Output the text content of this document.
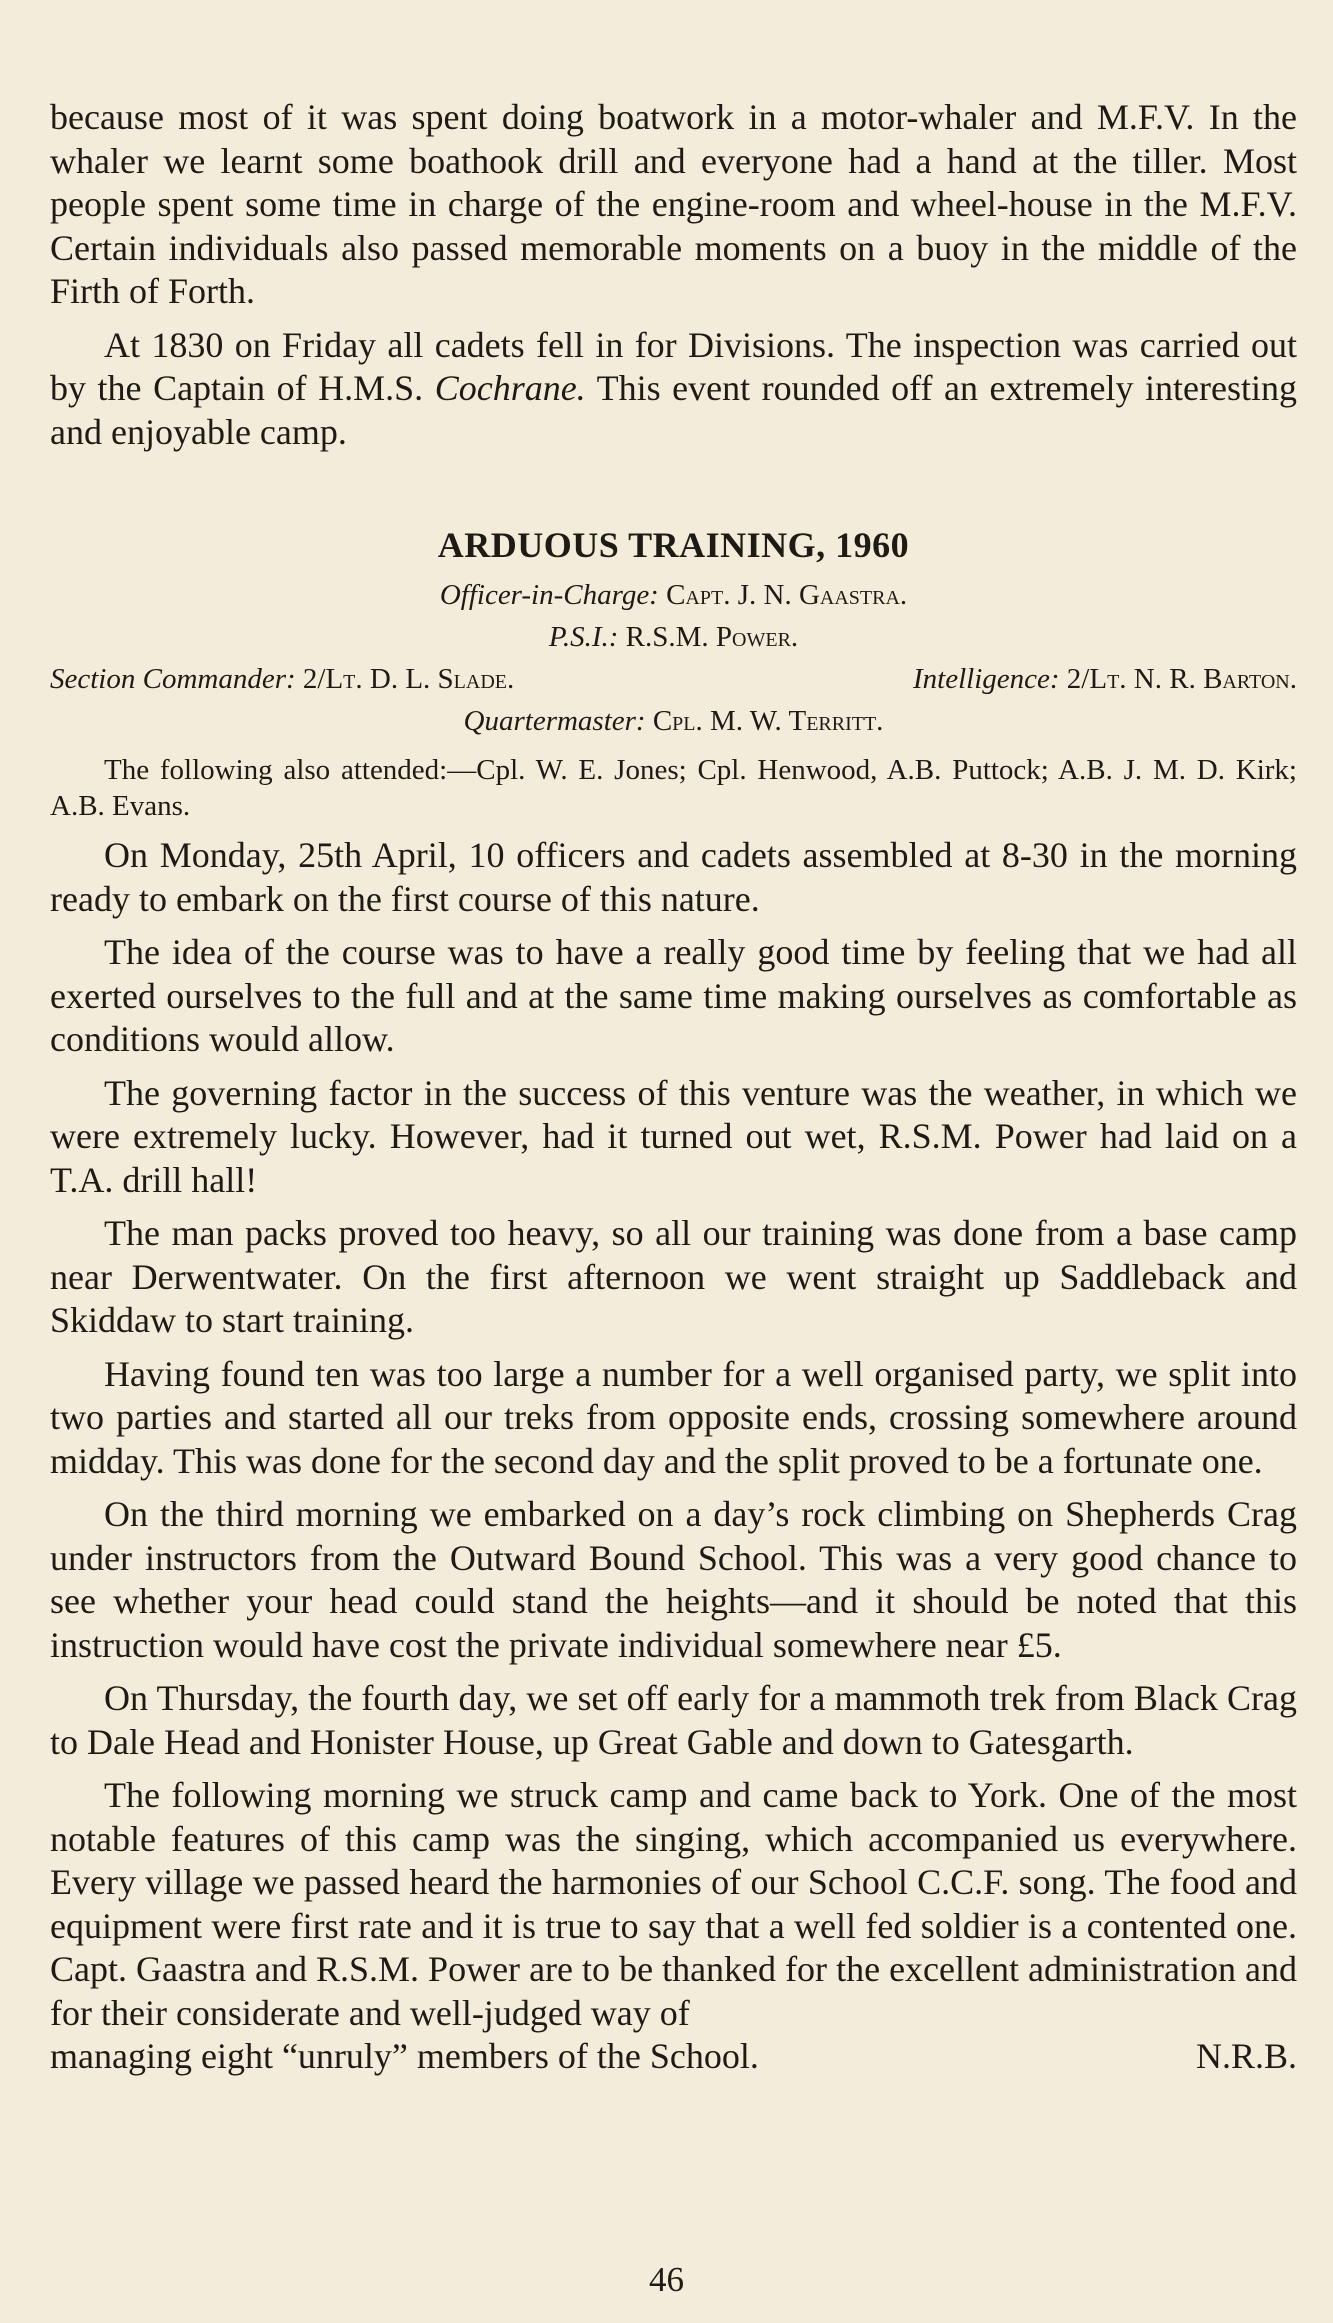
because most of it was spent doing boatwork in a motor-whaler and M.F.V. In the whaler we learnt some boathook drill and everyone had a hand at the tiller. Most people spent some time in charge of the engine-room and wheel-house in the M.F.V. Certain individuals also passed memorable moments on a buoy in the middle of the Firth of Forth.

At 1830 on Friday all cadets fell in for Divisions. The inspection was carried out by the Captain of H.M.S. Cochrane. This event rounded off an extremely interesting and enjoyable camp.

ARDUOUS TRAINING, 1960

Officer-in-Charge: Capt. J. N. Gaastra.

P.S.I.: R.S.M. Power.

Section Commander: 2/Lt. D. L. Slade.	Intelligence: 2/Lt. N. R. Barton.

Quartermaster: Cpl. M. W. Territt.

The following also attended:—Cpl. W. E. Jones; Cpl. Henwood, A.B. Puttock; A.B. J. M. D. Kirk; A.B. Evans.

On Monday, 25th April, 10 officers and cadets assembled at 8-30 in the morning ready to embark on the first course of this nature.

The idea of the course was to have a really good time by feeling that we had all exerted ourselves to the full and at the same time making ourselves as comfortable as conditions would allow.

The governing factor in the success of this venture was the weather, in which we were extremely lucky. However, had it turned out wet, R.S.M. Power had laid on a T.A. drill hall!

The man packs proved too heavy, so all our training was done from a base camp near Derwentwater. On the first afternoon we went straight up Saddleback and Skiddaw to start training.

Having found ten was too large a number for a well organised party, we split into two parties and started all our treks from opposite ends, crossing somewhere around midday. This was done for the second day and the split proved to be a fortunate one.

On the third morning we embarked on a day’s rock climbing on Shepherds Crag under instructors from the Outward Bound School. This was a very good chance to see whether your head could stand the heights—and it should be noted that this instruction would have cost the private individual somewhere near £5.

On Thursday, the fourth day, we set off early for a mammoth trek from Black Crag to Dale Head and Honister House, up Great Gable and down to Gatesgarth.

The following morning we struck camp and came back to York. One of the most notable features of this camp was the singing, which accompanied us everywhere. Every village we passed heard the harmonies of our School C.C.F. song. The food and equipment were first rate and it is true to say that a well fed soldier is a contented one. Capt. Gaastra and R.S.M. Power are to be thanked for the excellent administration and for their considerate and well-judged way of

managing eight “unruly” members of the School.	N.R.B.
46
